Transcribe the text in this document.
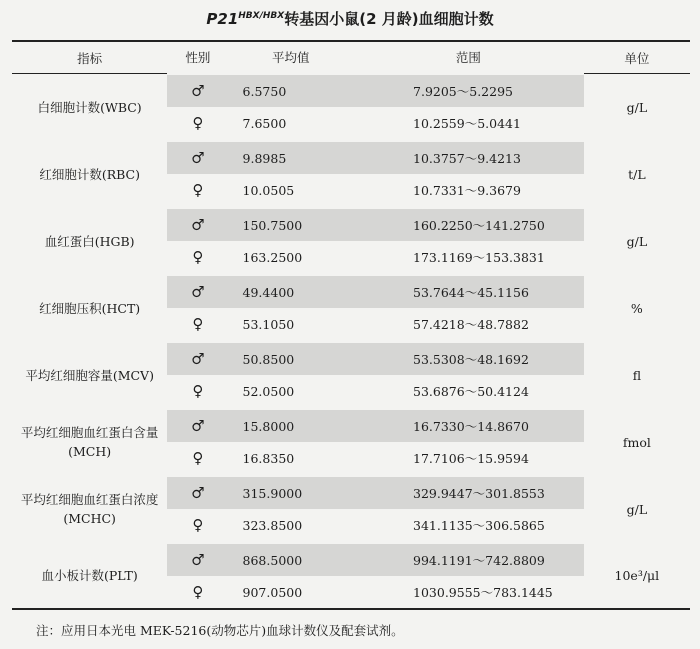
$P21^{HBX/HBX}$转基因小鼠(2 月龄)血细胞计数
指标	性别	平均值	范围	单位
白细胞计数(WBC)	♂	6.5750	7.9205～5.2295	g/L
	♀	7.6500	10.2559～5.0441	
红细胞计数(RBC)	♂	9.8985	10.3757～9.4213	t/L
	♀	10.0505	10.7331～9.3679	
血红蛋白(HGB)	♂	150.7500	160.2250～141.2750	g/L
	♀	163.2500	173.1169～153.3831	
红细胞压积(HCT)	♂	49.4400	53.7644～45.1156	%
	♀	53.1050	57.4218～48.7882	
平均红细胞容量(MCV)	♂	50.8500	53.5308～48.1692	fl
	♀	52.0500	53.6876～50.4124	
平均红细胞血红蛋白含量(MCH)	♂	15.8000	16.7330～14.8670	fmol
	♀	16.8350	17.7106～15.9594	
平均红细胞血红蛋白浓度(MCHC)	♂	315.9000	329.9447～301.8553	g/L
	♀	323.8500	341.1135～306.5865	
血小板计数(PLT)	♂	868.5000	994.1191～742.8809	10e³/μl
	♀	907.0500	1030.9555～783.1445	
注：应用日本光电 MEK-5216(动物芯片)血球计数仪及配套试剂。
